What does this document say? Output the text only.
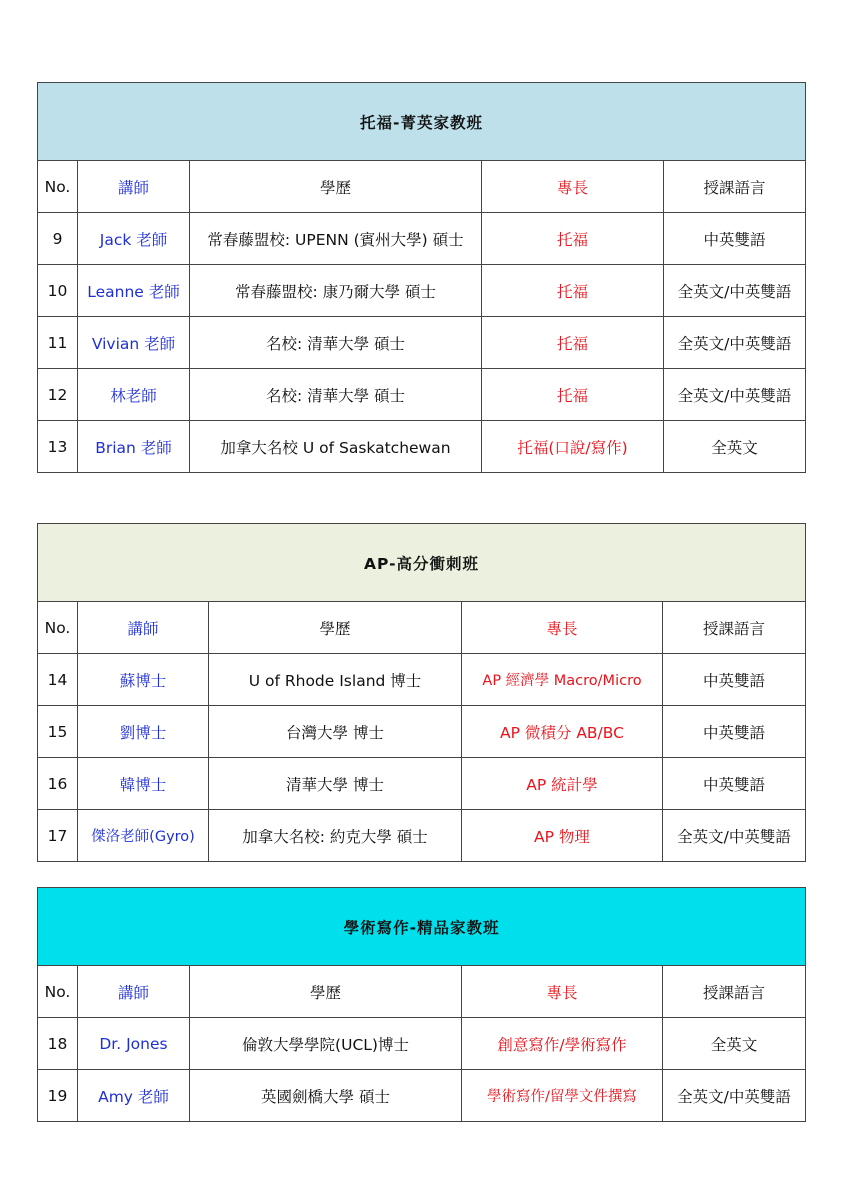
托福-菁英家教班				
No.	講師	學歷	專長	授課語言
9	Jack 老師	常春藤盟校: UPENN (賓州大學) 碩士	托福	中英雙語
10	Leanne 老師	常春藤盟校: 康乃爾大學 碩士	托福	全英文/中英雙語
11	Vivian 老師	名校: 清華大學 碩士	托福	全英文/中英雙語
12	林老師	名校: 清華大學 碩士	托福	全英文/中英雙語
13	Brian 老師	加拿大名校 U of Saskatchewan	托福(口說/寫作)	全英文
AP-高分衝刺班				
No.	講師	學歷	專長	授課語言
14	蘇博士	U of Rhode Island 博士	AP 經濟學 Macro/Micro	中英雙語
15	劉博士	台灣大學 博士	AP 微積分 AB/BC	中英雙語
16	韓博士	清華大學 博士	AP 統計學	中英雙語
17	傑洛老師(Gyro)	加拿大名校: 約克大學 碩士	AP 物理	全英文/中英雙語
學術寫作-精品家教班				
No.	講師	學歷	專長	授課語言
18	Dr. Jones	倫敦大學學院(UCL)博士	創意寫作/學術寫作	全英文
19	Amy 老師	英國劍橋大學 碩士	學術寫作/留學文件撰寫	全英文/中英雙語
